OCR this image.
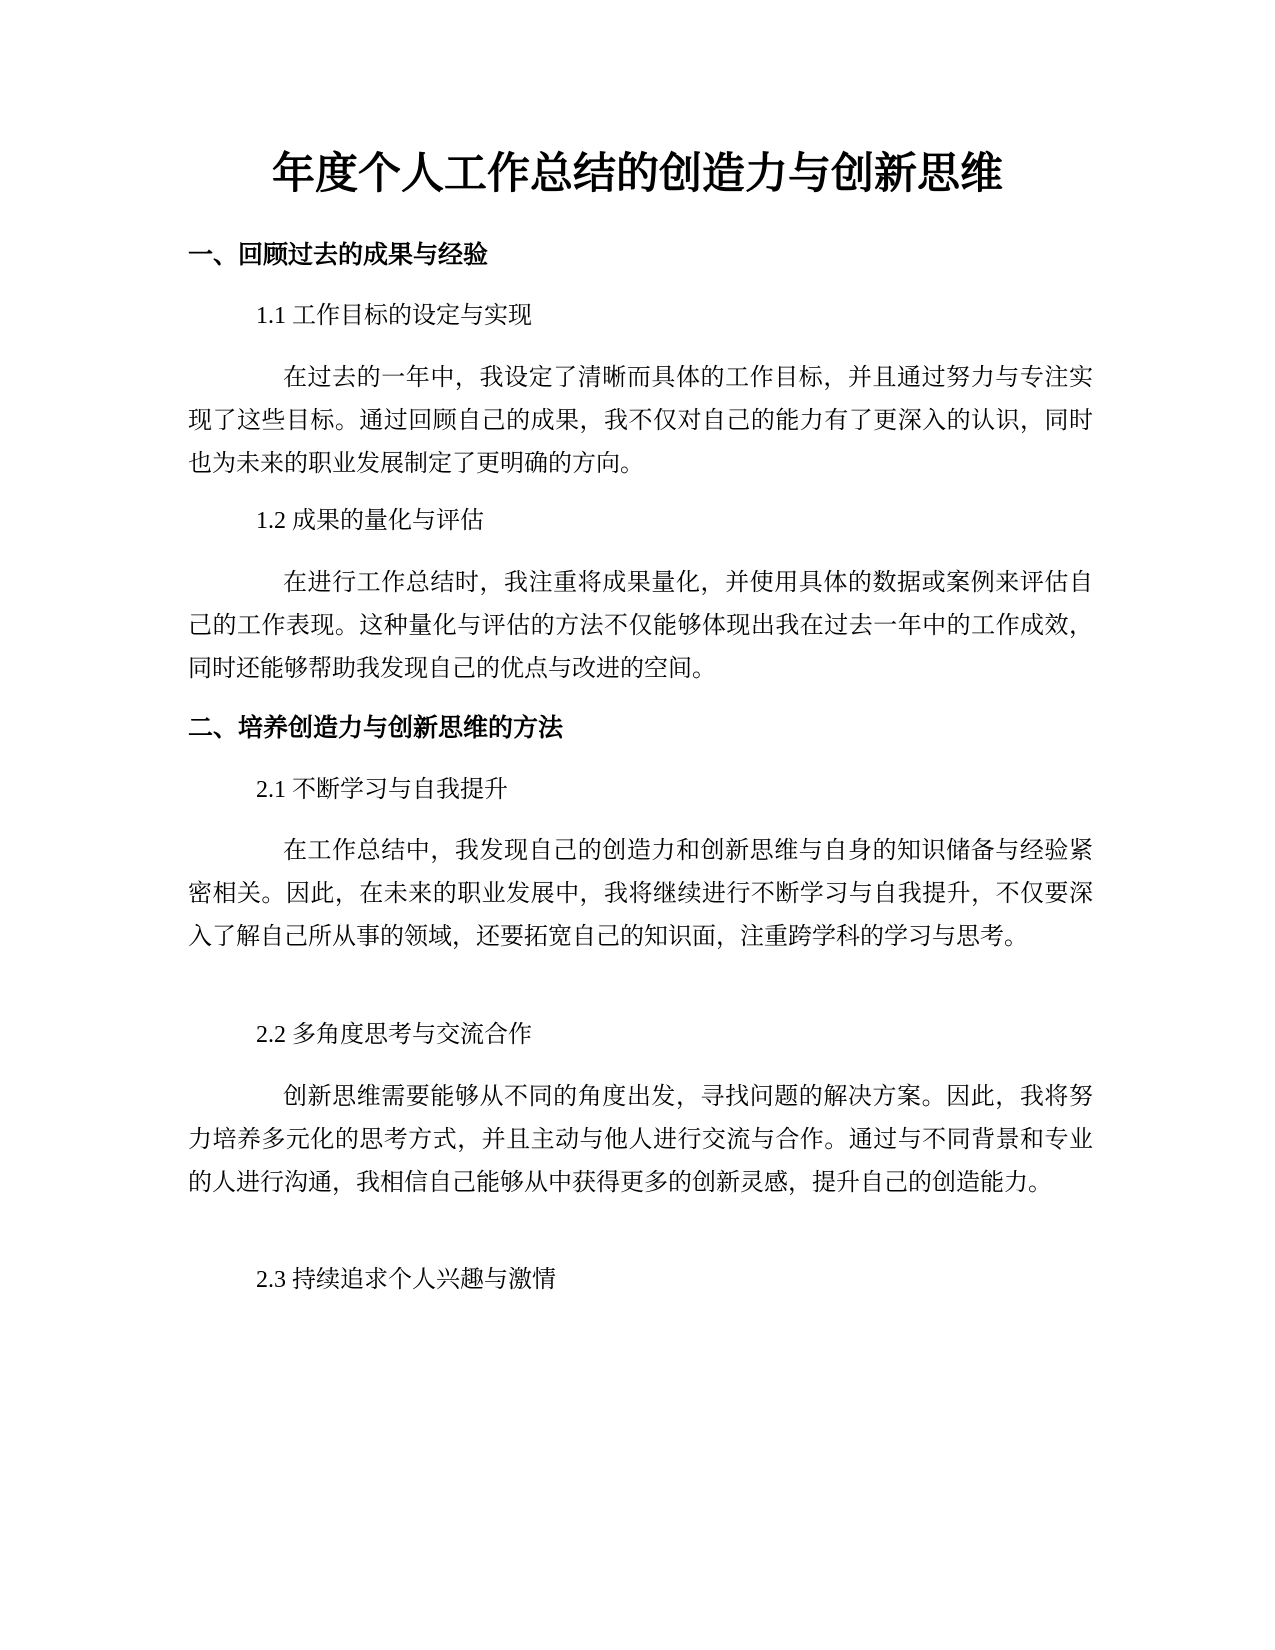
年度个人工作总结的创造力与创新思维
一、回顾过去的成果与经验
1.1 工作目标的设定与实现

在过去的一年中，我设定了清晰而具体的工作目标，并且通过努力与专注实现了这些目标。通过回顾自己的成果，我不仅对自己的能力有了更深入的认识，同时也为未来的职业发展制定了更明确的方向。

1.2 成果的量化与评估

在进行工作总结时，我注重将成果量化，并使用具体的数据或案例来评估自己的工作表现。这种量化与评估的方法不仅能够体现出我在过去一年中的工作成效，同时还能够帮助我发现自己的优点与改进的空间。

二、培养创造力与创新思维的方法
2.1 不断学习与自我提升

在工作总结中，我发现自己的创造力和创新思维与自身的知识储备与经验紧密相关。因此，在未来的职业发展中，我将继续进行不断学习与自我提升，不仅要深入了解自己所从事的领域，还要拓宽自己的知识面，注重跨学科的学习与思考。

2.2 多角度思考与交流合作

创新思维需要能够从不同的角度出发，寻找问题的解决方案。因此，我将努力培养多元化的思考方式，并且主动与他人进行交流与合作。通过与不同背景和专业的人进行沟通，我相信自己能够从中获得更多的创新灵感，提升自己的创造能力。

2.3 持续追求个人兴趣与激情
